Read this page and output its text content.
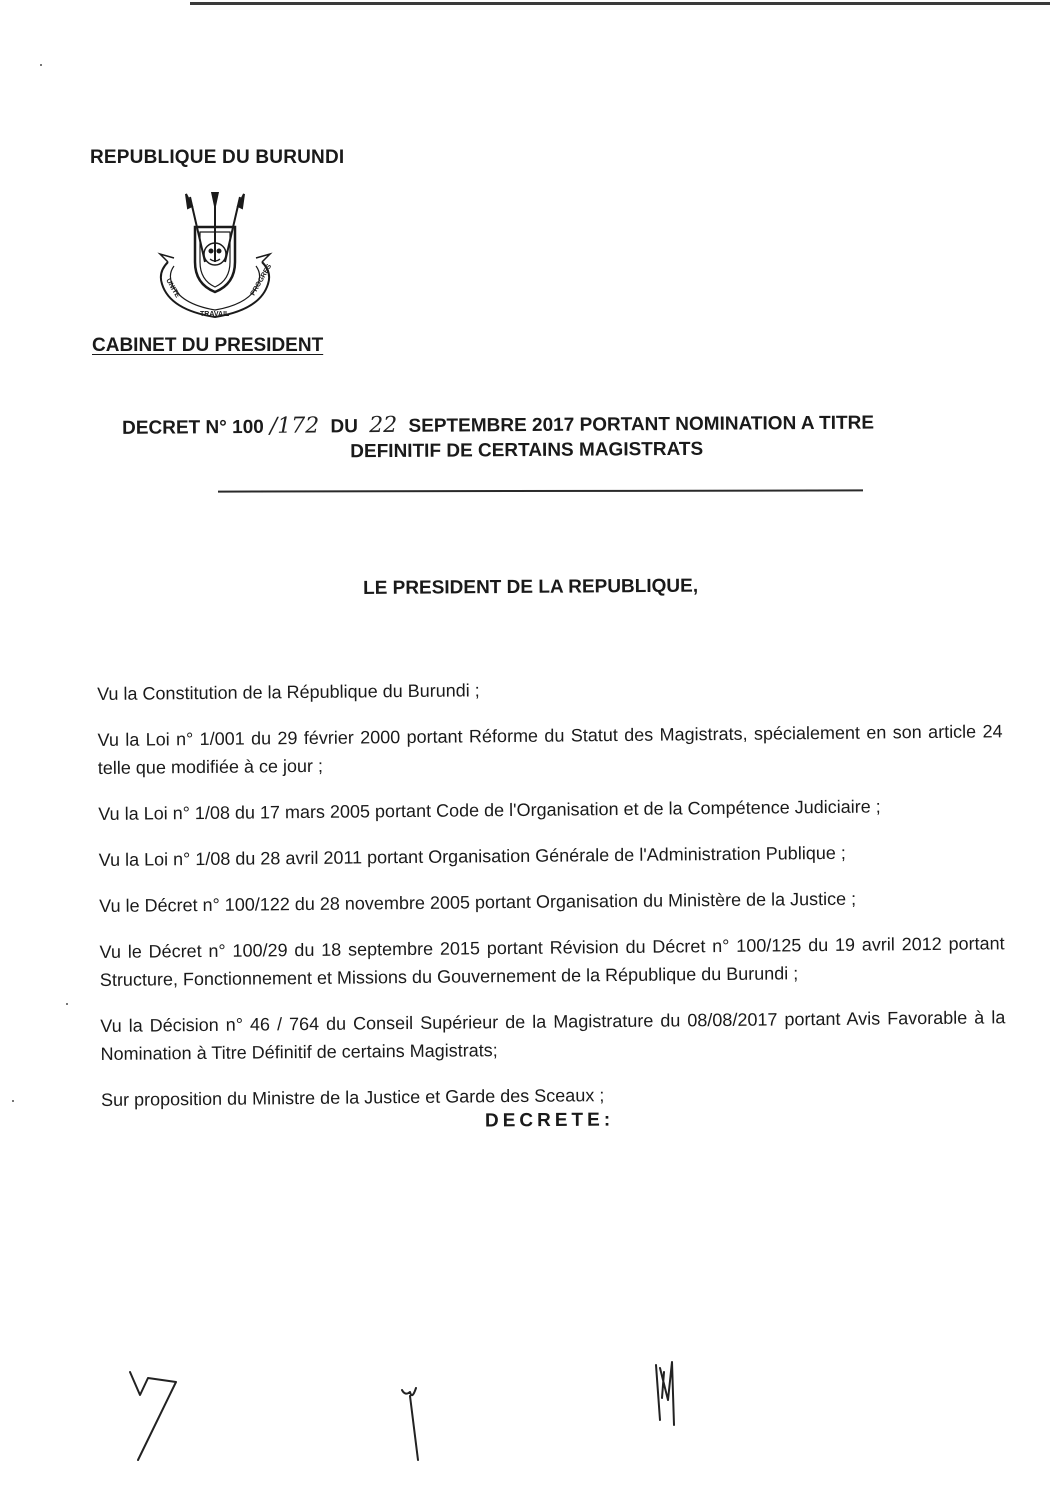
REPUBLIQUE DU BURUNDI
UNITE
TRAVAIL
PROGRES
CABINET DU PRESIDENT
DECRET N° 100 /172 DU 22 SEPTEMBRE 2017 PORTANT NOMINATION A TITRE
DEFINITIF DE CERTAINS MAGISTRATS
LE PRESIDENT DE LA REPUBLIQUE,

Vu la Constitution de la République du Burundi ;

Vu la Loi n° 1/001 du 29 février 2000 portant Réforme du Statut des Magistrats, spécialement en son article 24 telle que modifiée à ce jour ;

Vu la Loi n° 1/08 du 17 mars 2005 portant Code de l'Organisation et de la Compétence Judiciaire ;

Vu la Loi n° 1/08 du 28 avril 2011 portant Organisation Générale de l'Administration Publique ;

Vu le Décret n° 100/122 du 28 novembre 2005 portant Organisation du Ministère de la Justice ;

Vu le Décret n° 100/29 du 18 septembre 2015 portant Révision du Décret n° 100/125 du 19 avril 2012 portant Structure, Fonctionnement et Missions du Gouvernement de la République du Burundi ;

Vu la Décision n° 46 / 764 du Conseil Supérieur de la Magistrature du 08/08/2017 portant Avis Favorable à la Nomination à Titre Définitif de certains Magistrats;

Sur proposition du Ministre de la Justice et Garde des Sceaux ;

DECRETE:
